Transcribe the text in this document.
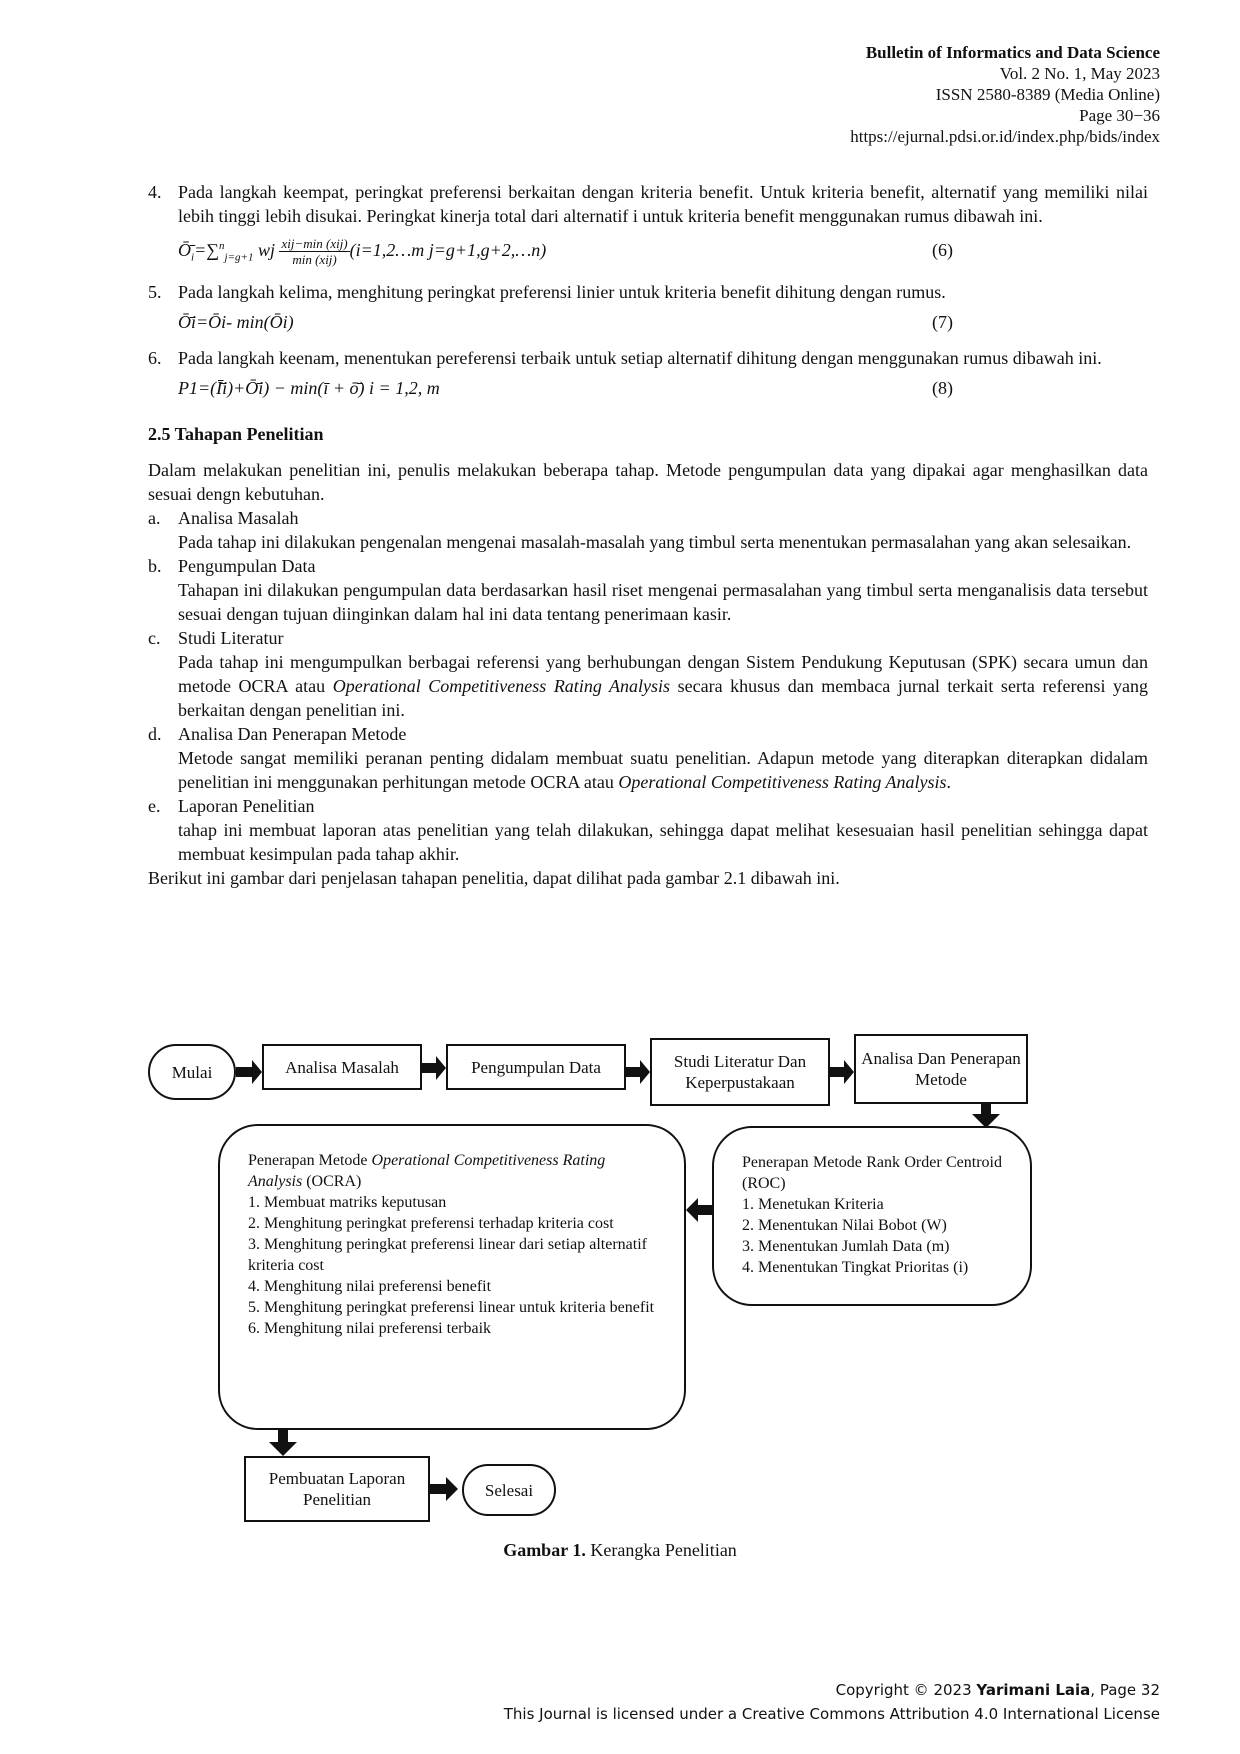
Bulletin of Informatics and Data Science
Vol. 2 No. 1, May 2023
ISSN 2580-8389 (Media Online)
Page 30−36
https://ejurnal.pdsi.or.id/index.php/bids/index
4. Pada langkah keempat, peringkat preferensi berkaitan dengan kriteria benefit. Untuk kriteria benefit, alternatif yang memiliki nilai lebih tinggi lebih disukai. Peringkat kinerja total dari alternatif i untuk kriteria benefit menggunakan rumus dibawah ini.
$Ō̄_i=\sum^n_{j=g+1}$ wj $\frac{\text{xij−min (xij)}}{\text{min (xij)}}$ (i=1,2…m j=g+1,g+2,…n)	(6)
5. Pada langkah kelima, menghitung peringkat preferensi linier untuk kriteria benefit dihitung dengan rumus.
Ō̄i=Ōi- min(Ōi)	(7)
6. Pada langkah keenam, menentukan pereferensi terbaik untuk setiap alternatif dihitung dengan menggunakan rumus dibawah ini.
P1=(Ī̄i)+Ō̄i) − min(ī + ō̄) i = 1,2, m	(8)
2.5 Tahapan Penelitian
Dalam melakukan penelitian ini, penulis melakukan beberapa tahap. Metode pengumpulan data yang dipakai agar menghasilkan data sesuai dengn kebutuhan.
a. Analisa Masalah
Pada tahap ini dilakukan pengenalan mengenai masalah-masalah yang timbul serta menentukan permasalahan yang akan selesaikan.
b. Pengumpulan Data
Tahapan ini dilakukan pengumpulan data berdasarkan hasil riset mengenai permasalahan yang timbul serta menganalisis data tersebut sesuai dengan tujuan diinginkan dalam hal ini data tentang penerimaan kasir.
c. Studi Literatur
Pada tahap ini mengumpulkan berbagai referensi yang berhubungan dengan Sistem Pendukung Keputusan (SPK) secara umun dan metode OCRA atau Operational Competitiveness Rating Analysis secara khusus dan membaca jurnal terkait serta referensi yang berkaitan dengan penelitian ini.
d. Analisa Dan Penerapan Metode
Metode sangat memiliki peranan penting didalam membuat suatu penelitian. Adapun metode yang diterapkan diterapkan didalam penelitian ini menggunakan perhitungan metode OCRA atau Operational Competitiveness Rating Analysis.
e. Laporan Penelitian
tahap ini membuat laporan atas penelitian yang telah dilakukan, sehingga dapat melihat kesesuaian hasil penelitian sehingga dapat membuat kesimpulan pada tahap akhir.
Berikut ini gambar dari penjelasan tahapan penelitia, dapat dilihat pada gambar 2.1 dibawah ini.
Mulai	Analisa Masalah	Pengumpulan Data	Studi Literatur Dan Keperpustakaan
Analisa Dan Penerapan Metode
Penerapan Metode Rank Order Centroid (ROC)
1. Menetukan Kriteria
2. Menentukan Nilai Bobot (W)
3. Menentukan Jumlah Data (m)
4. Menentukan Tingkat Prioritas (i)
Penerapan Metode Operational Competitiveness Rating Analysis (OCRA)
1. Membuat matriks keputusan
2. Menghitung peringkat preferensi terhadap kriteria cost
3. Menghitung peringkat preferensi linear dari setiap alternatif kriteria cost
4. Menghitung nilai preferensi benefit
5. Menghitung peringkat preferensi linear untuk kriteria benefit
6. Menghitung nilai preferensi terbaik
Pembuatan Laporan Penelitian	Selesai
Gambar 1. Kerangka Penelitian
Copyright © 2023 Yarimani Laia, Page 32
This Journal is licensed under a Creative Commons Attribution 4.0 International License
